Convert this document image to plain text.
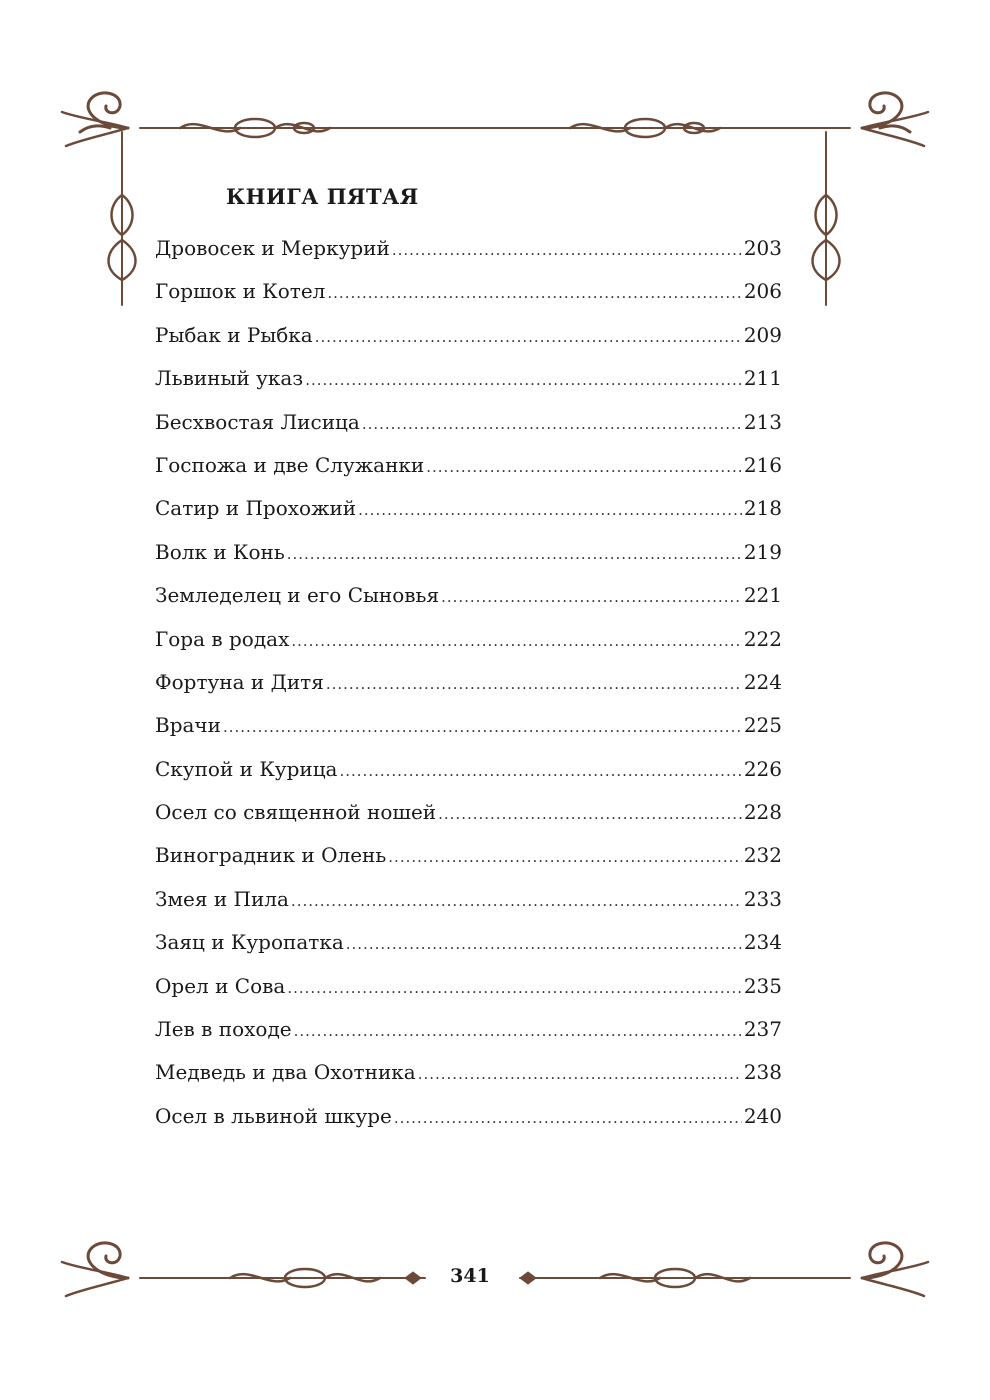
КНИГА ПЯТАЯ
Дровосек и Меркурий .....	203
Горшок и Котел .....	206
Рыбак и Рыбка .....	209
Львиный указ .....	211
Бесхвостая Лисица .....	213
Госпожа и две Служанки .....	216
Сатир и Прохожий .....	218
Волк и Конь .....	219
Земледелец и его Сыновья .....	221
Гора в родах .....	222
Фортуна и Дитя .....	224
Врачи .....	225
Скупой и Курица .....	226
Осел со священной ношей .....	228
Виноградник и Олень .....	232
Змея и Пила .....	233
Заяц и Куропатка .....	234
Орел и Сова .....	235
Лев в походе .....	237
Медведь и два Охотника .....	238
Осел в львиной шкуре .....	240
341
